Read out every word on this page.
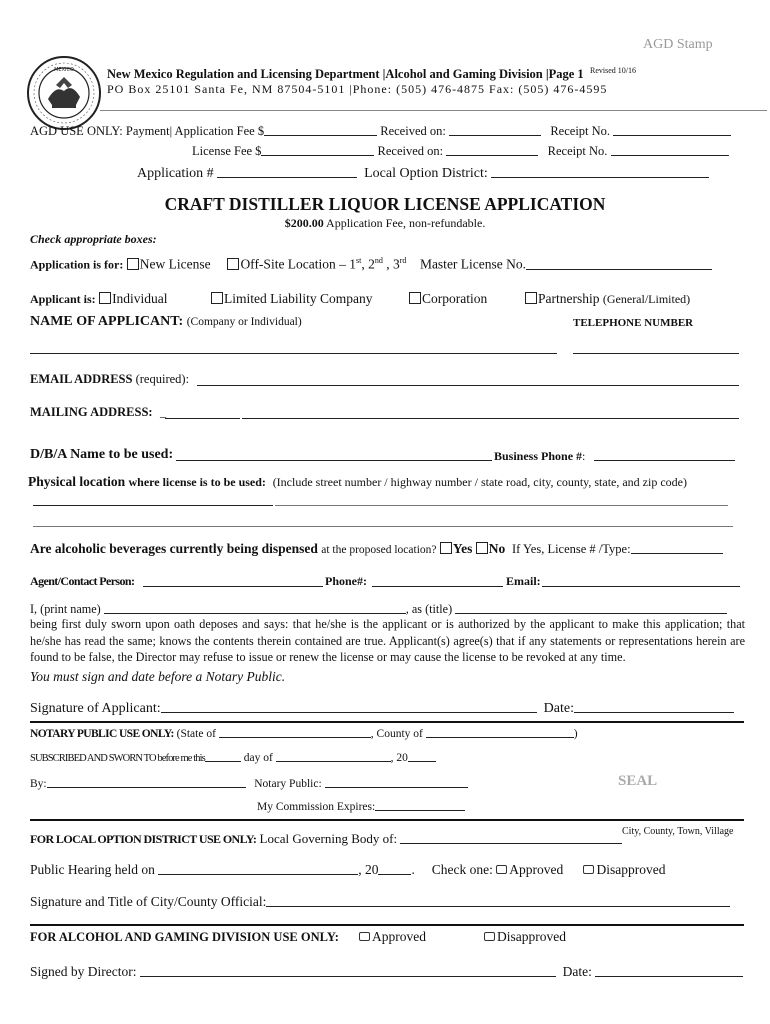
AGD Stamp
MEXICO	New Mexico Regulation and Licensing Department |Alcohol and Gaming Division |Page 1 Revised 10/16
PO Box 25101 Santa Fe, NM 87504-5101 |Phone: (505) 476-4875 Fax: (505) 476-4595
AGD USE ONLY: Payment| Application Fee $	Received on:	Receipt No.
License Fee $	Received on:	Receipt No.
Application #	Local Option District:
CRAFT DISTILLER LIQUOR LICENSE APPLICATION
$200.00 Application Fee, non-refundable.
Check appropriate boxes:
Application is for: New License Off-Site Location – 1st, 2nd , 3rd Master License No.
Applicant is: Individual	Limited Liability Company	Corporation	Partnership (General/Limited)
NAME OF APPLICANT: (Company or Individual)	TELEPHONE NUMBER
EMAIL ADDRESS (required):
MAILING ADDRESS: _
D/B/A Name to be used:	Business Phone #:
Physical location where license is to be used: (Include street number / highway number / state road, city, county, state, and zip code)
Are alcoholic beverages currently being dispensed at the proposed location? Yes No If Yes, License # /Type:
Agent/Contact Person:	Phone#:	Email:
I, (print name)	, as (title)
being first duly sworn upon oath deposes and says: that he/she is the applicant or is authorized by the applicant to make this application; that he/she has read the same; knows the contents therein contained are true. Applicant(s) agree(s) that if any statements or representations herein are found to be false, the Director may refuse to issue or renew the license or may cause the license to be revoked at any time.
You must sign and date before a Notary Public.
Signature of Applicant:	Date:
NOTARY PUBLIC USE ONLY: (State of	, County of	)
SUBSCRIBED AND SWORN TO before me this	day of	, 20
By:	Notary Public:	SEAL
My Commission Expires:
FOR LOCAL OPTION DISTRICT USE ONLY: Local Governing Body of:	City, County, Town, Village
Public Hearing held on	, 20 . Check one: Approved Disapproved
Signature and Title of City/County Official:
FOR ALCOHOL AND GAMING DIVISION USE ONLY:	Approved	Disapproved
Signed by Director:	Date:
